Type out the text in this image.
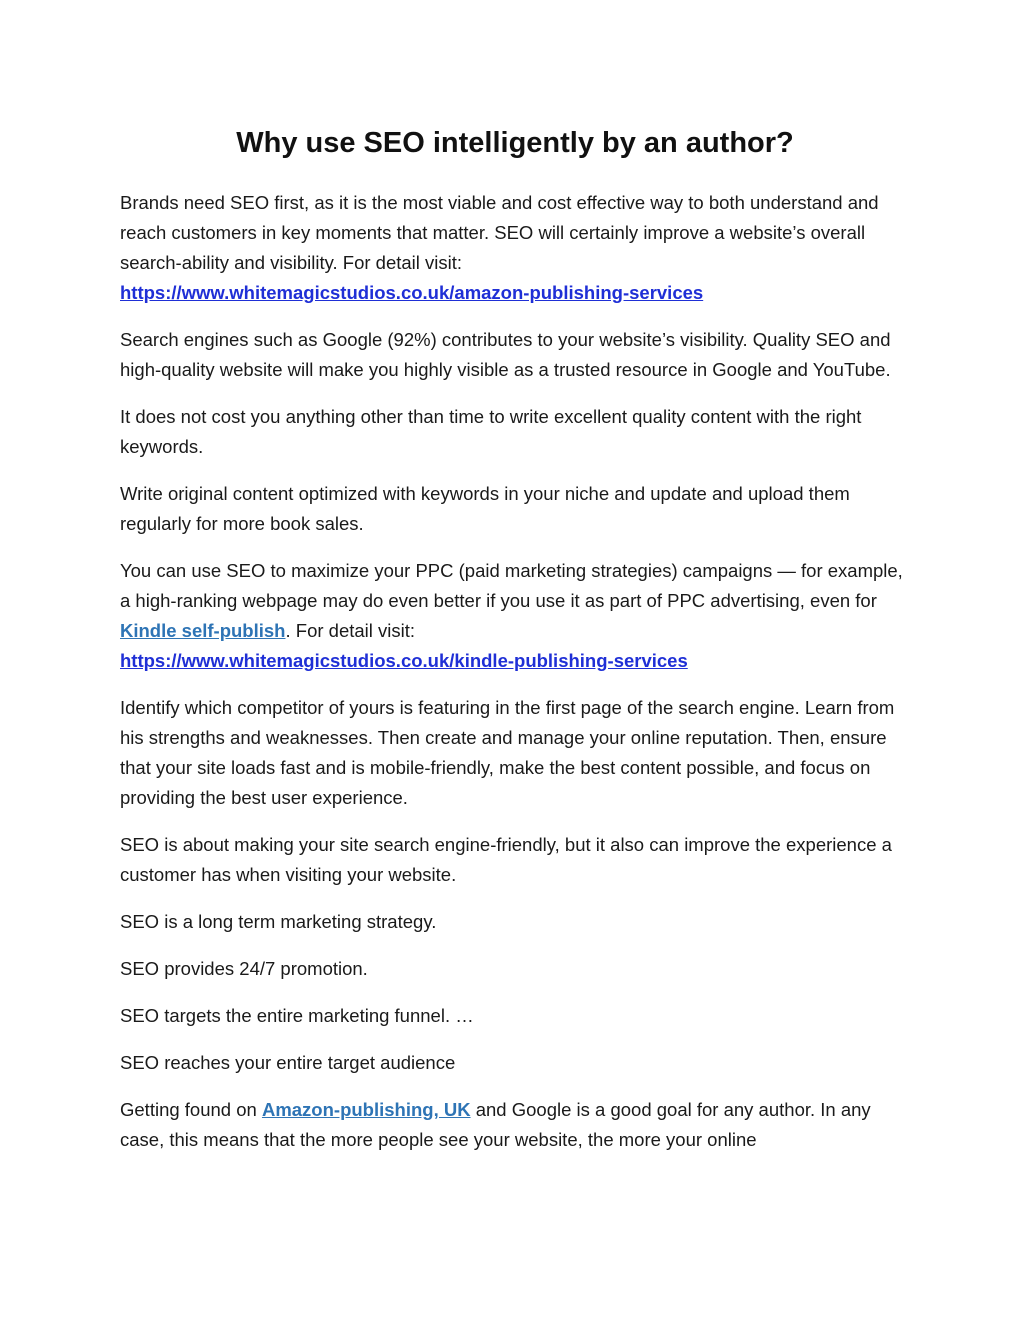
Why use SEO intelligently by an author?

Brands need SEO first, as it is the most viable and cost effective way to both understand and reach customers in key moments that matter. SEO will certainly improve a website’s overall search-ability and visibility. For detail visit:
https://www.whitemagicstudios.co.uk/amazon-publishing-services

Search engines such as Google (92%) contributes to your website’s visibility. Quality SEO and high-quality website will make you highly visible as a trusted resource in Google and YouTube.

It does not cost you anything other than time to write excellent quality content with the right keywords.

Write original content optimized with keywords in your niche and update and upload them regularly for more book sales.

You can use SEO to maximize your PPC (paid marketing strategies) campaigns — for example, a high-ranking webpage may do even better if you use it as part of PPC advertising, even for Kindle self-publish. For detail visit:
https://www.whitemagicstudios.co.uk/kindle-publishing-services

Identify which competitor of yours is featuring in the first page of the search engine. Learn from his strengths and weaknesses. Then create and manage your online reputation. Then, ensure that your site loads fast and is mobile-friendly, make the best content possible, and focus on providing the best user experience.

SEO is about making your site search engine-friendly, but it also can improve the experience a customer has when visiting your website.

SEO is a long term marketing strategy.

SEO provides 24/7 promotion.

SEO targets the entire marketing funnel. …

SEO reaches your entire target audience

Getting found on Amazon-publishing, UK and Google is a good goal for any author. In any case, this means that the more people see your website, the more your online
